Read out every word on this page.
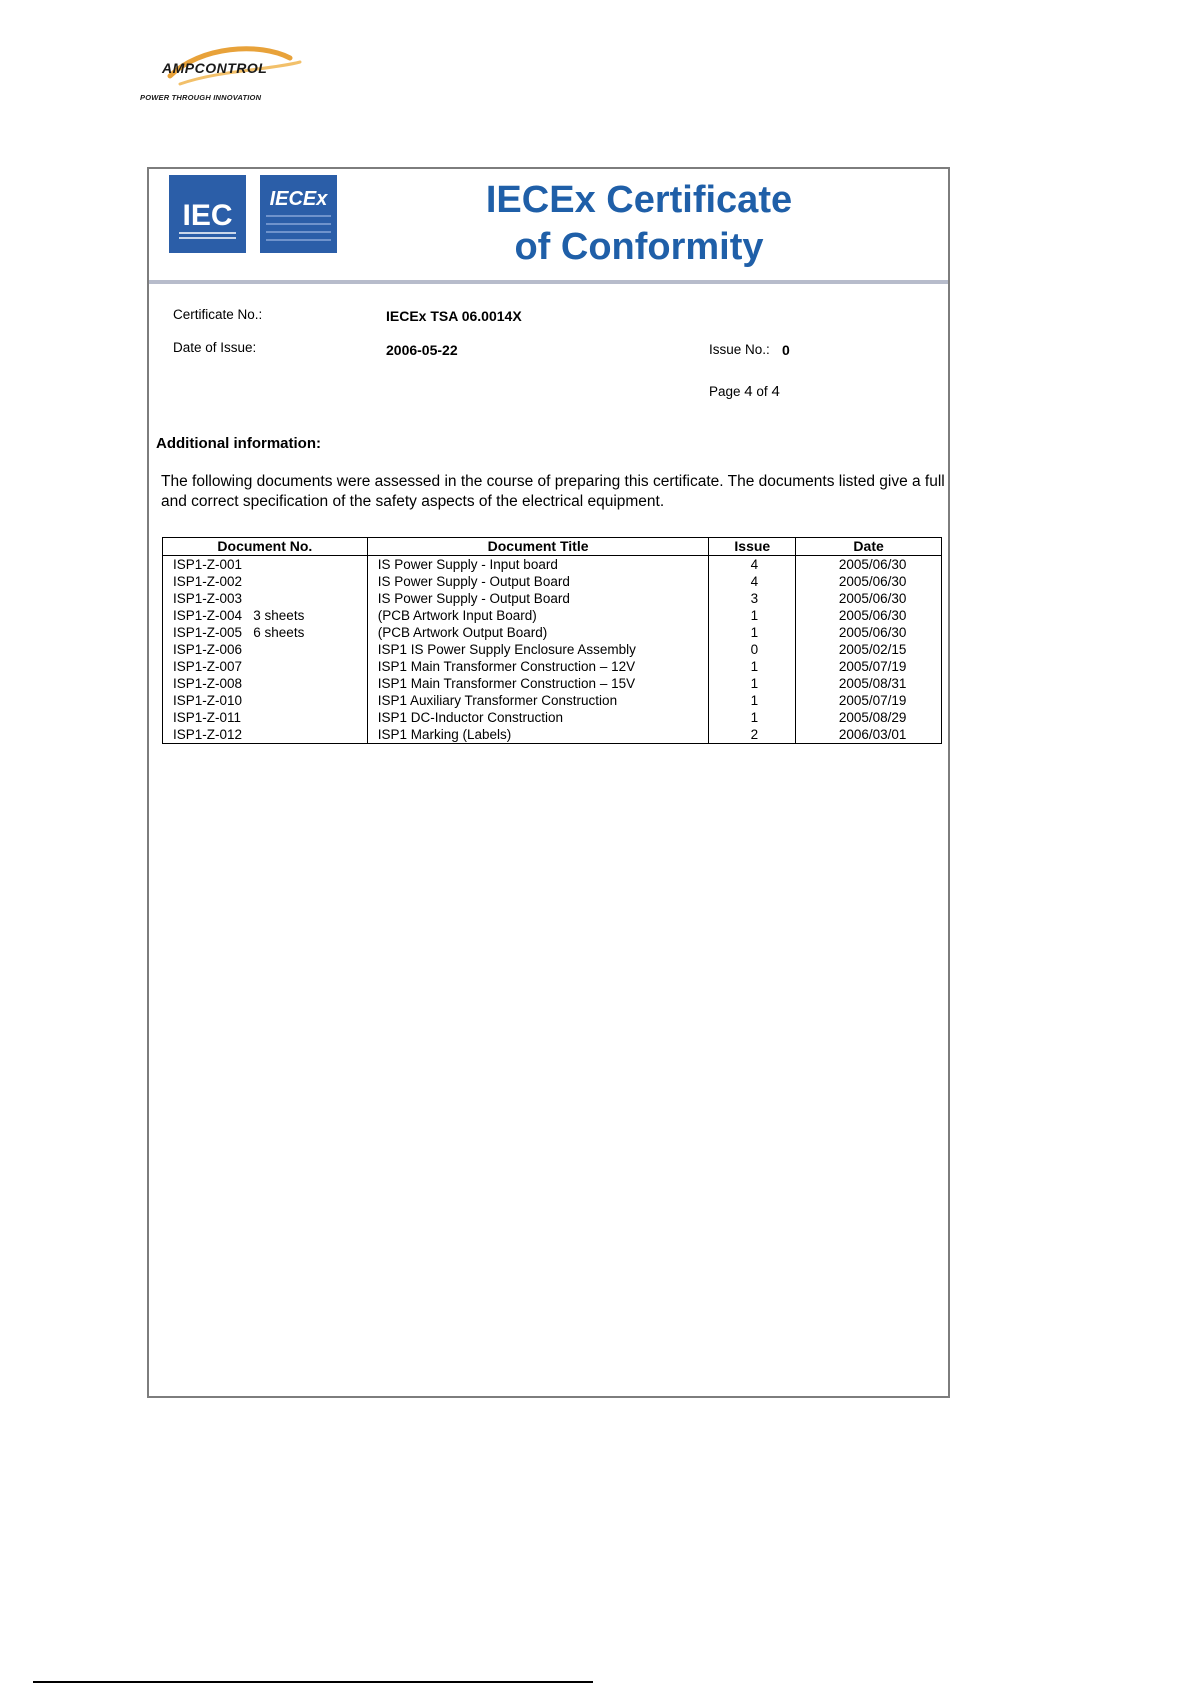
AMPCONTROL
POWER THROUGH INNOVATION
IEC IECEx	IECEx Certificate
of Conformity
Certificate No.:	IECEx TSA 06.0014X
Date of Issue:	2006-05-22	Issue No.: 0
Page 4 of 4
Additional information:
The following documents were assessed in the course of preparing this certificate. The documents listed give a full and correct specification of the safety aspects of the electrical equipment.
Document No.	Document Title	Issue	Date
ISP1-Z-001	IS Power Supply - Input board	4	2005/06/30
ISP1-Z-002	IS Power Supply - Output Board	4	2005/06/30
ISP1-Z-003	IS Power Supply - Output Board	3	2005/06/30
ISP1-Z-004   3 sheets	(PCB Artwork Input Board)	1	2005/06/30
ISP1-Z-005   6 sheets	(PCB Artwork Output Board)	1	2005/06/30
ISP1-Z-006	ISP1 IS Power Supply Enclosure Assembly	0	2005/02/15
ISP1-Z-007	ISP1 Main Transformer Construction – 12V	1	2005/07/19
ISP1-Z-008	ISP1 Main Transformer Construction – 15V	1	2005/08/31
ISP1-Z-010	ISP1 Auxiliary Transformer Construction	1	2005/07/19
ISP1-Z-011	ISP1 DC-Inductor Construction	1	2005/08/29
ISP1-Z-012	ISP1 Marking (Labels)	2	2006/03/01
